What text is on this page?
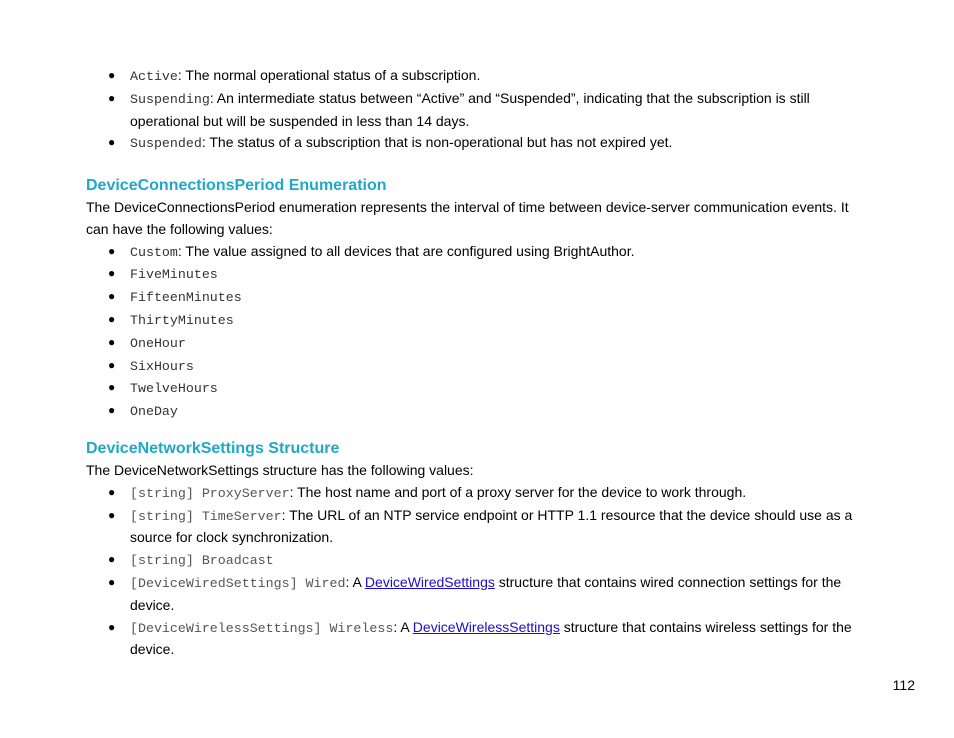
● Active: The normal operational status of a subscription.
● Suspending: An intermediate status between “Active” and “Suspended”, indicating that the subscription is still operational but will be suspended in less than 14 days.
● Suspended: The status of a subscription that is non-operational but has not expired yet.
DeviceConnectionsPeriod Enumeration

The DeviceConnectionsPeriod enumeration represents the interval of time between device-server communication events. It can have the following values:

● Custom: The value assigned to all devices that are configured using BrightAuthor.
● FiveMinutes
● FifteenMinutes
● ThirtyMinutes
● OneHour
● SixHours
● TwelveHours
● OneDay
DeviceNetworkSettings Structure

The DeviceNetworkSettings structure has the following values:

● [string] ProxyServer: The host name and port of a proxy server for the device to work through.
● [string] TimeServer: The URL of an NTP service endpoint or HTTP 1.1 resource that the device should use as a source for clock synchronization.
● [string] Broadcast
● [DeviceWiredSettings] Wired: A DeviceWiredSettings structure that contains wired connection settings for the device.
● [DeviceWirelessSettings] Wireless: A DeviceWirelessSettings structure that contains wireless settings for the device.
112
